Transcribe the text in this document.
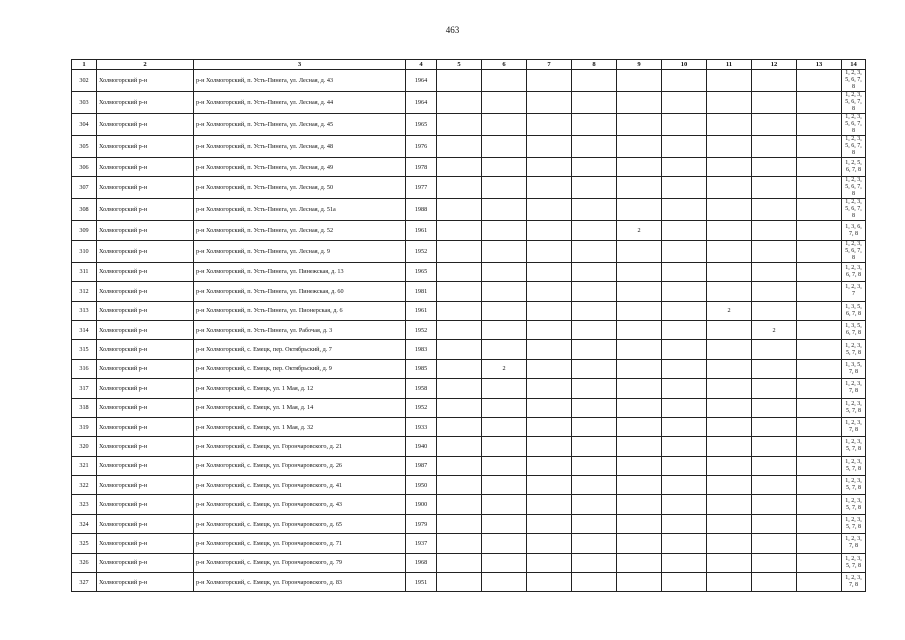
463
1	2	3	4	5	6	7	8	9	10	11	12	13	14
302	Холмогорский р-н	р-н Холмогорский, п. Усть-Пинега, ул. Лесная, д. 43	1964										1, 2, 3, 5, 6, 7, 8
303	Холмогорский р-н	р-н Холмогорский, п. Усть-Пинега, ул. Лесная, д. 44	1964										1, 2, 3, 5, 6, 7, 8
304	Холмогорский р-н	р-н Холмогорский, п. Усть-Пинега, ул. Лесная, д. 45	1965										1, 2, 3, 5, 6, 7, 8
305	Холмогорский р-н	р-н Холмогорский, п. Усть-Пинега, ул. Лесная, д. 48	1976										1, 2, 3, 5, 6, 7, 8
306	Холмогорский р-н	р-н Холмогорский, п. Усть-Пинега, ул. Лесная, д. 49	1978										1, 2, 5, 6, 7, 8
307	Холмогорский р-н	р-н Холмогорский, п. Усть-Пинега, ул. Лесная, д. 50	1977										1, 2, 3, 5, 6, 7, 8
308	Холмогорский р-н	р-н Холмогорский, п. Усть-Пинега, ул. Лесная, д. 51а	1988										1, 2, 3, 5, 6, 7, 8
309	Холмогорский р-н	р-н Холмогорский, п. Усть-Пинега, ул. Лесная, д. 52	1961					2					1, 3, 6, 7, 8
310	Холмогорский р-н	р-н Холмогорский, п. Усть-Пинега, ул. Лесная, д. 9	1952										1, 2, 3, 5, 6, 7, 8
311	Холмогорский р-н	р-н Холмогорский, п. Усть-Пинега, ул. Пинежская, д. 13	1965										1, 2, 3, 6, 7, 8
312	Холмогорский р-н	р-н Холмогорский, п. Усть-Пинега, ул. Пинежская, д. 60	1981										1, 2, 3, 7
313	Холмогорский р-н	р-н Холмогорский, п. Усть-Пинега, ул. Пионерская, д. 6	1961							2			1, 3, 5, 6, 7, 8
314	Холмогорский р-н	р-н Холмогорский, п. Усть-Пинега, ул. Рабочая, д. 3	1952								2		1, 3, 5, 6, 7, 8
315	Холмогорский р-н	р-н Холмогорский, с. Емецк, пер. Октябрьский, д. 7	1983										1, 2, 3, 5, 7, 8
316	Холмогорский р-н	р-н Холмогорский, с. Емецк, пер. Октябрьский, д. 9	1985		2								1, 3, 5, 7, 8
317	Холмогорский р-н	р-н Холмогорский, с. Емецк, ул. 1 Мая, д. 12	1958										1, 2, 3, 7, 8
318	Холмогорский р-н	р-н Холмогорский, с. Емецк, ул. 1 Мая, д. 14	1952										1, 2, 3, 5, 7, 8
319	Холмогорский р-н	р-н Холмогорский, с. Емецк, ул. 1 Мая, д. 32	1933										1, 2, 3, 7, 8
320	Холмогорский р-н	р-н Холмогорский, с. Емецк, ул. Горончаровского, д. 21	1940										1, 2, 3, 5, 7, 8
321	Холмогорский р-н	р-н Холмогорский, с. Емецк, ул. Горончаровского, д. 26	1987										1, 2, 3, 5, 7, 8
322	Холмогорский р-н	р-н Холмогорский, с. Емецк, ул. Горончаровского, д. 41	1950										1, 2, 3, 5, 7, 8
323	Холмогорский р-н	р-н Холмогорский, с. Емецк, ул. Горончаровского, д. 43	1900										1, 2, 3, 5, 7, 8
324	Холмогорский р-н	р-н Холмогорский, с. Емецк, ул. Горончаровского, д. 65	1979										1, 2, 3, 5, 7, 8
325	Холмогорский р-н	р-н Холмогорский, с. Емецк, ул. Горончаровского, д. 71	1937										1, 2, 3, 7, 8
326	Холмогорский р-н	р-н Холмогорский, с. Емецк, ул. Горончаровского, д. 79	1968										1, 2, 3, 5, 7, 8
327	Холмогорский р-н	р-н Холмогорский, с. Емецк, ул. Горончаровского, д. 83	1951										1, 2, 3, 7, 8
